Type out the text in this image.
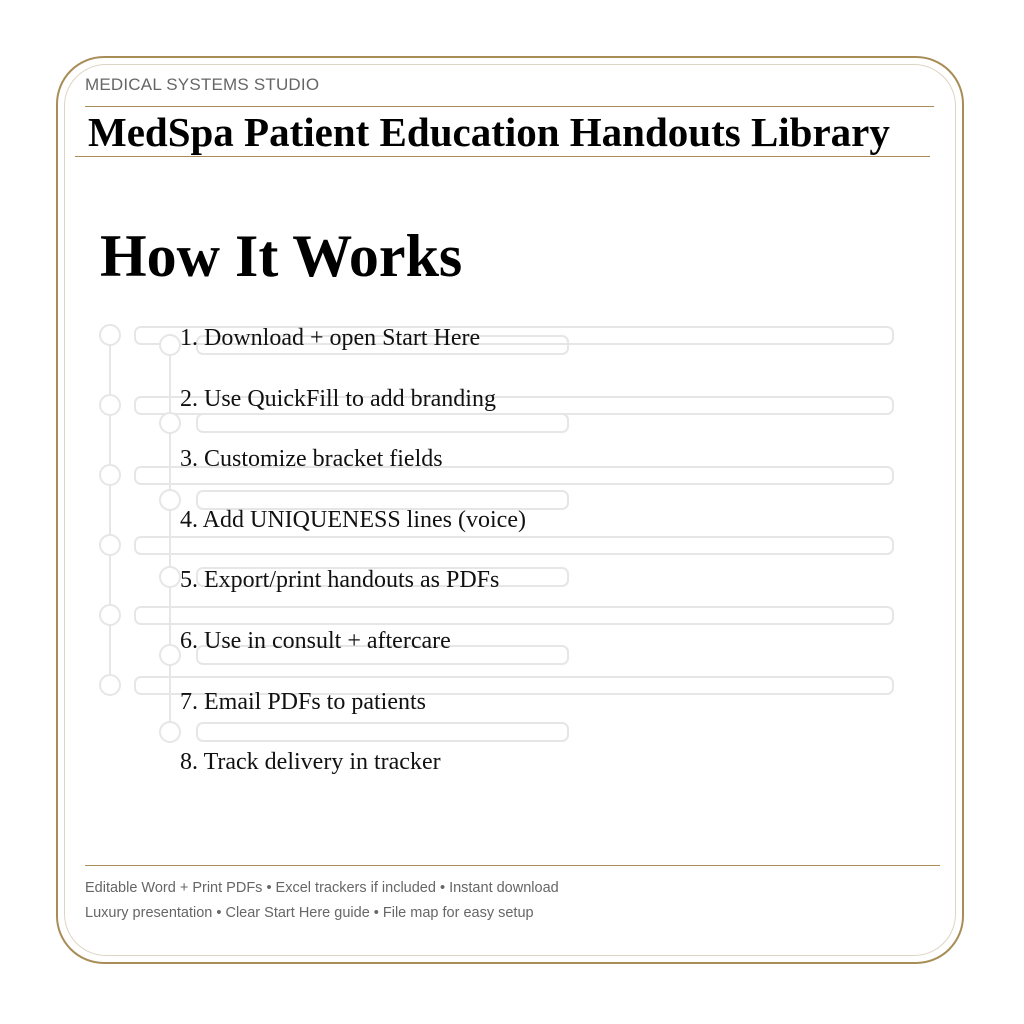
MEDICAL SYSTEMS STUDIO
MedSpa Patient Education Handouts Library
How It Works
1. Download + open Start Here
2. Use QuickFill to add branding
3. Customize bracket fields
4. Add UNIQUENESS lines (voice)
5. Export/print handouts as PDFs
6. Use in consult + aftercare
7. Email PDFs to patients
8. Track delivery in tracker
Editable Word + Print PDFs • Excel trackers if included • Instant download
Luxury presentation • Clear Start Here guide • File map for easy setup
